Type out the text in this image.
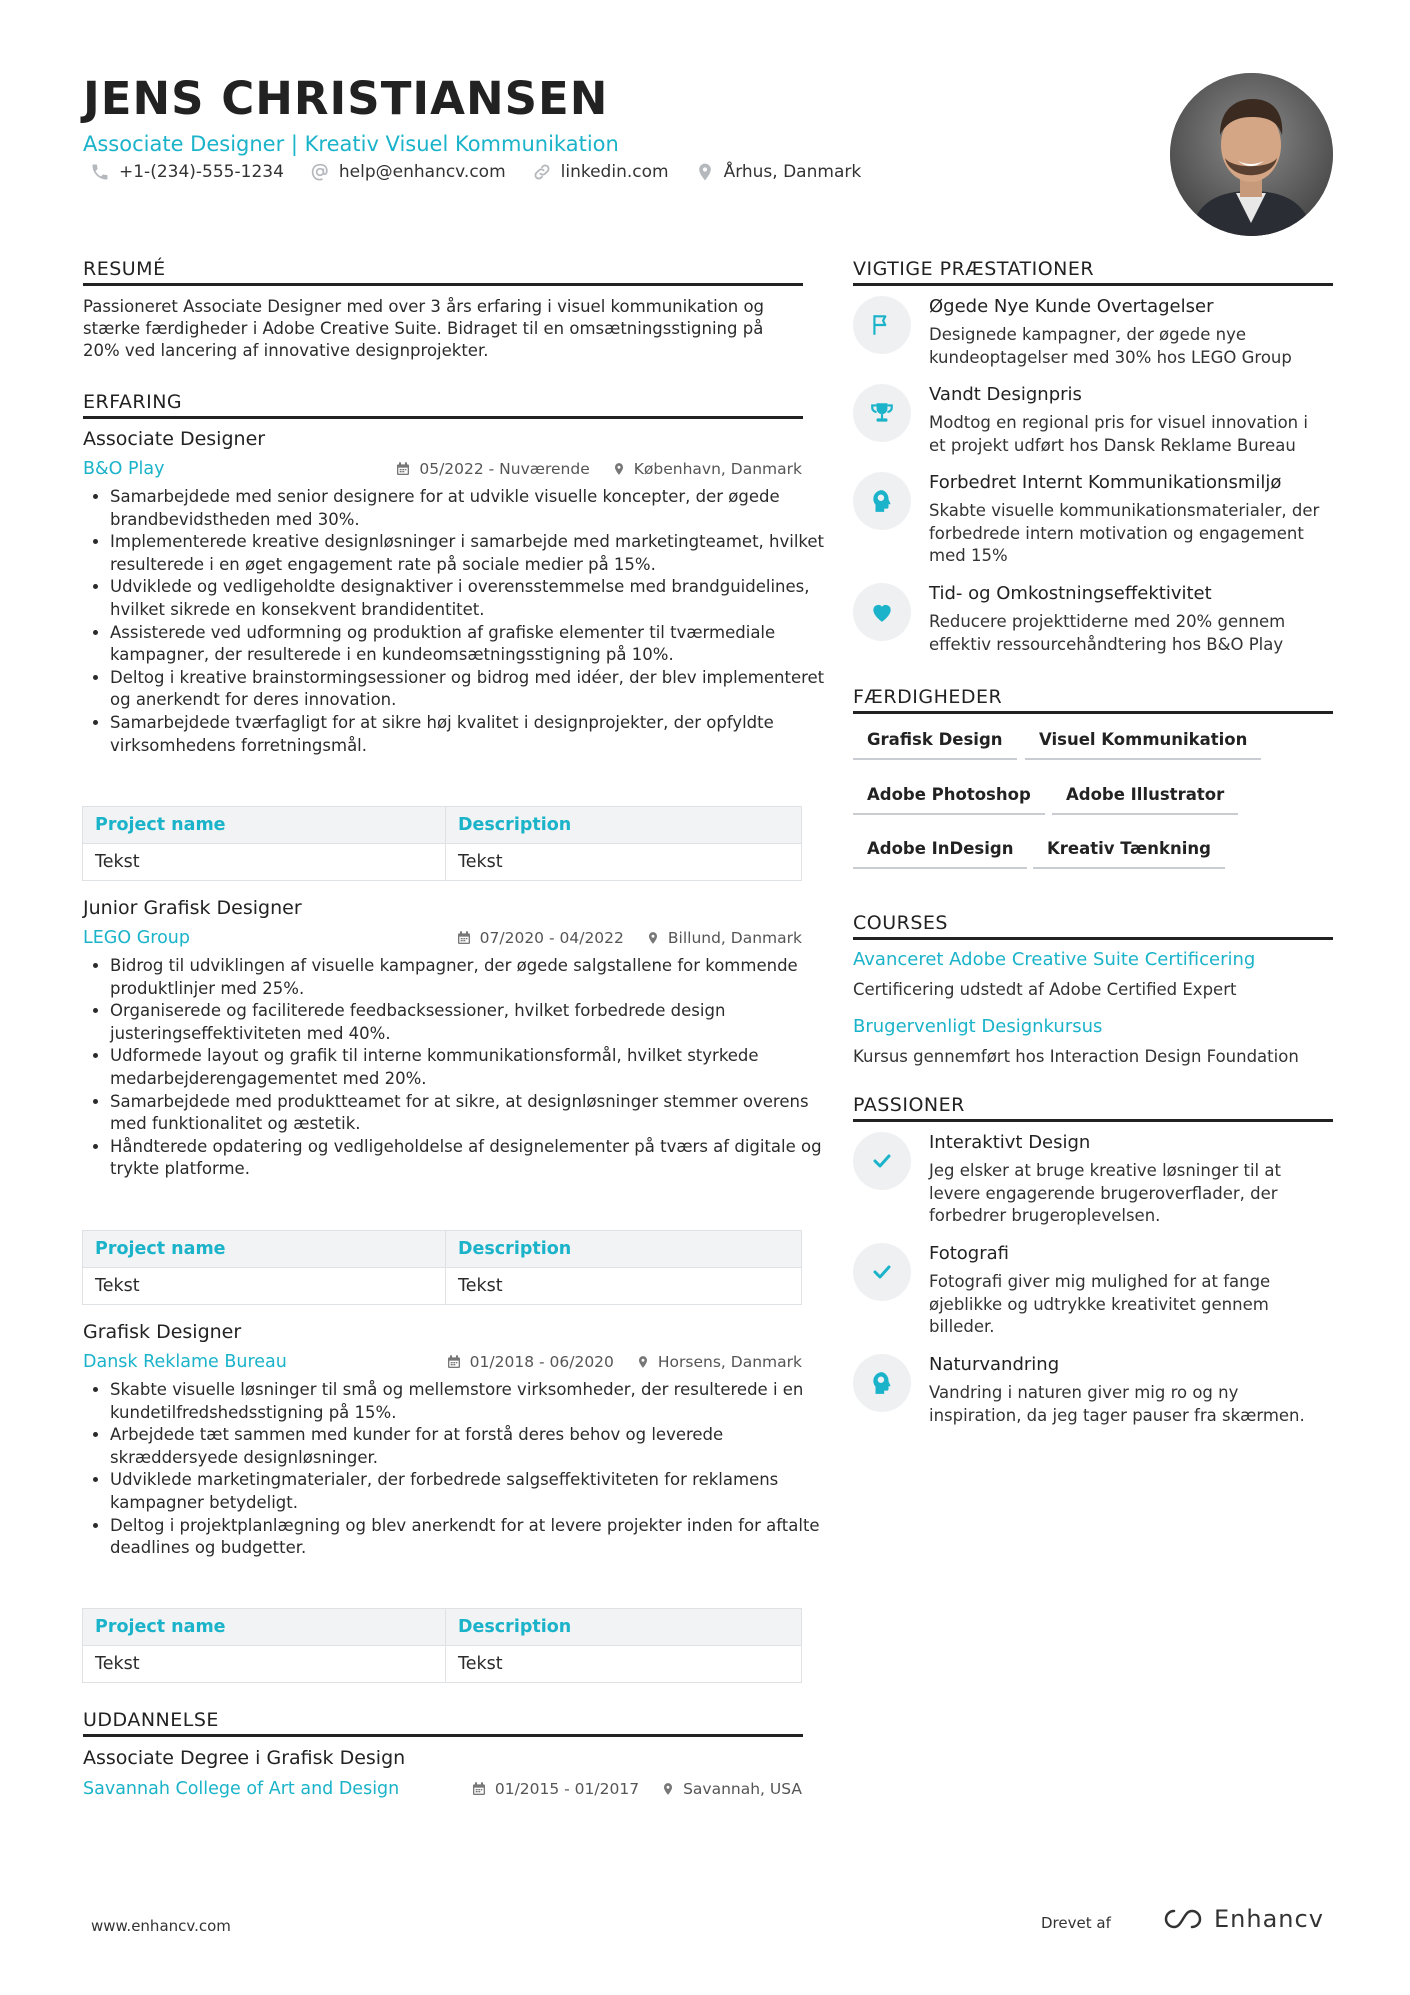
JENS CHRISTIANSEN
Associate Designer | Kreativ Visuel Kommunikation
+1-(234)-555-1234	help@enhancv.com	linkedin.com	Århus, Danmark
RESUMÉ
Passioneret Associate Designer med over 3 års erfaring i visuel kommunikation og stærke færdigheder i Adobe Creative Suite. Bidraget til en omsætningsstigning på 20% ved lancering af innovative designprojekter.
ERFARING
Associate Designer
B&O Play	05/2022 - Nuværende	København, Danmark
• Samarbejdede med senior designere for at udvikle visuelle koncepter, der øgede brandbevidstheden med 30%.
• Implementerede kreative designløsninger i samarbejde med marketingteamet, hvilket resulterede i en øget engagement rate på sociale medier på 15%.
• Udviklede og vedligeholdte designaktiver i overensstemmelse med brandguidelines, hvilket sikrede en konsekvent brandidentitet.
• Assisterede ved udformning og produktion af grafiske elementer til tværmediale kampagner, der resulterede i en kundeomsætningsstigning på 10%.
• Deltog i kreative brainstormingsessioner og bidrog med idéer, der blev implementeret og anerkendt for deres innovation.
• Samarbejdede tværfagligt for at sikre høj kvalitet i designprojekter, der opfyldte virksomhedens forretningsmål.
Project name	Description
Tekst	Tekst
Junior Grafisk Designer
LEGO Group	07/2020 - 04/2022	Billund, Danmark
• Bidrog til udviklingen af visuelle kampagner, der øgede salgstallene for kommende produktlinjer med 25%.
• Organiserede og faciliterede feedbacksessioner, hvilket forbedrede design justeringseffektiviteten med 40%.
• Udformede layout og grafik til interne kommunikationsformål, hvilket styrkede medarbejderengagementet med 20%.
• Samarbejdede med produktteamet for at sikre, at designløsninger stemmer overens med funktionalitet og æstetik.
• Håndterede opdatering og vedligeholdelse af designelementer på tværs af digitale og trykte platforme.
Project name	Description
Tekst	Tekst
Grafisk Designer
Dansk Reklame Bureau	01/2018 - 06/2020	Horsens, Danmark
• Skabte visuelle løsninger til små og mellemstore virksomheder, der resulterede i en kundetilfredshedsstigning på 15%.
• Arbejdede tæt sammen med kunder for at forstå deres behov og leverede skræddersyede designløsninger.
• Udviklede marketingmaterialer, der forbedrede salgseffektiviteten for reklamens kampagner betydeligt.
• Deltog i projektplanlægning og blev anerkendt for at levere projekter inden for aftalte deadlines og budgetter.
Project name	Description
Tekst	Tekst
UDDANNELSE
Associate Degree i Grafisk Design
Savannah College of Art and Design	01/2015 - 01/2017	Savannah, USA
VIGTIGE PRÆSTATIONER
Øgede Nye Kunde Overtagelser
Designede kampagner, der øgede nye kundeoptagelser med 30% hos LEGO Group
Vandt Designpris
Modtog en regional pris for visuel innovation i et projekt udført hos Dansk Reklame Bureau
Forbedret Internt Kommunikationsmiljø
Skabte visuelle kommunikationsmaterialer, der forbedrede intern motivation og engagement med 15%
Tid- og Omkostningseffektivitet
Reducere projekttiderne med 20% gennem effektiv ressourcehåndtering hos B&O Play
FÆRDIGHEDER
Grafisk Design	Visuel Kommunikation
Adobe Photoshop	Adobe Illustrator
Adobe InDesign	Kreativ Tænkning
COURSES
Avanceret Adobe Creative Suite Certificering
Certificering udstedt af Adobe Certified Expert
Brugervenligt Designkursus
Kursus gennemført hos Interaction Design Foundation
PASSIONER
Interaktivt Design
Jeg elsker at bruge kreative løsninger til at levere engagerende brugeroverflader, der forbedrer brugeroplevelsen.
Fotografi
Fotografi giver mig mulighed for at fange øjeblikke og udtrykke kreativitet gennem billeder.
Naturvandring
Vandring i naturen giver mig ro og ny inspiration, da jeg tager pauser fra skærmen.
www.enhancv.com	Drevet af	Enhancv
